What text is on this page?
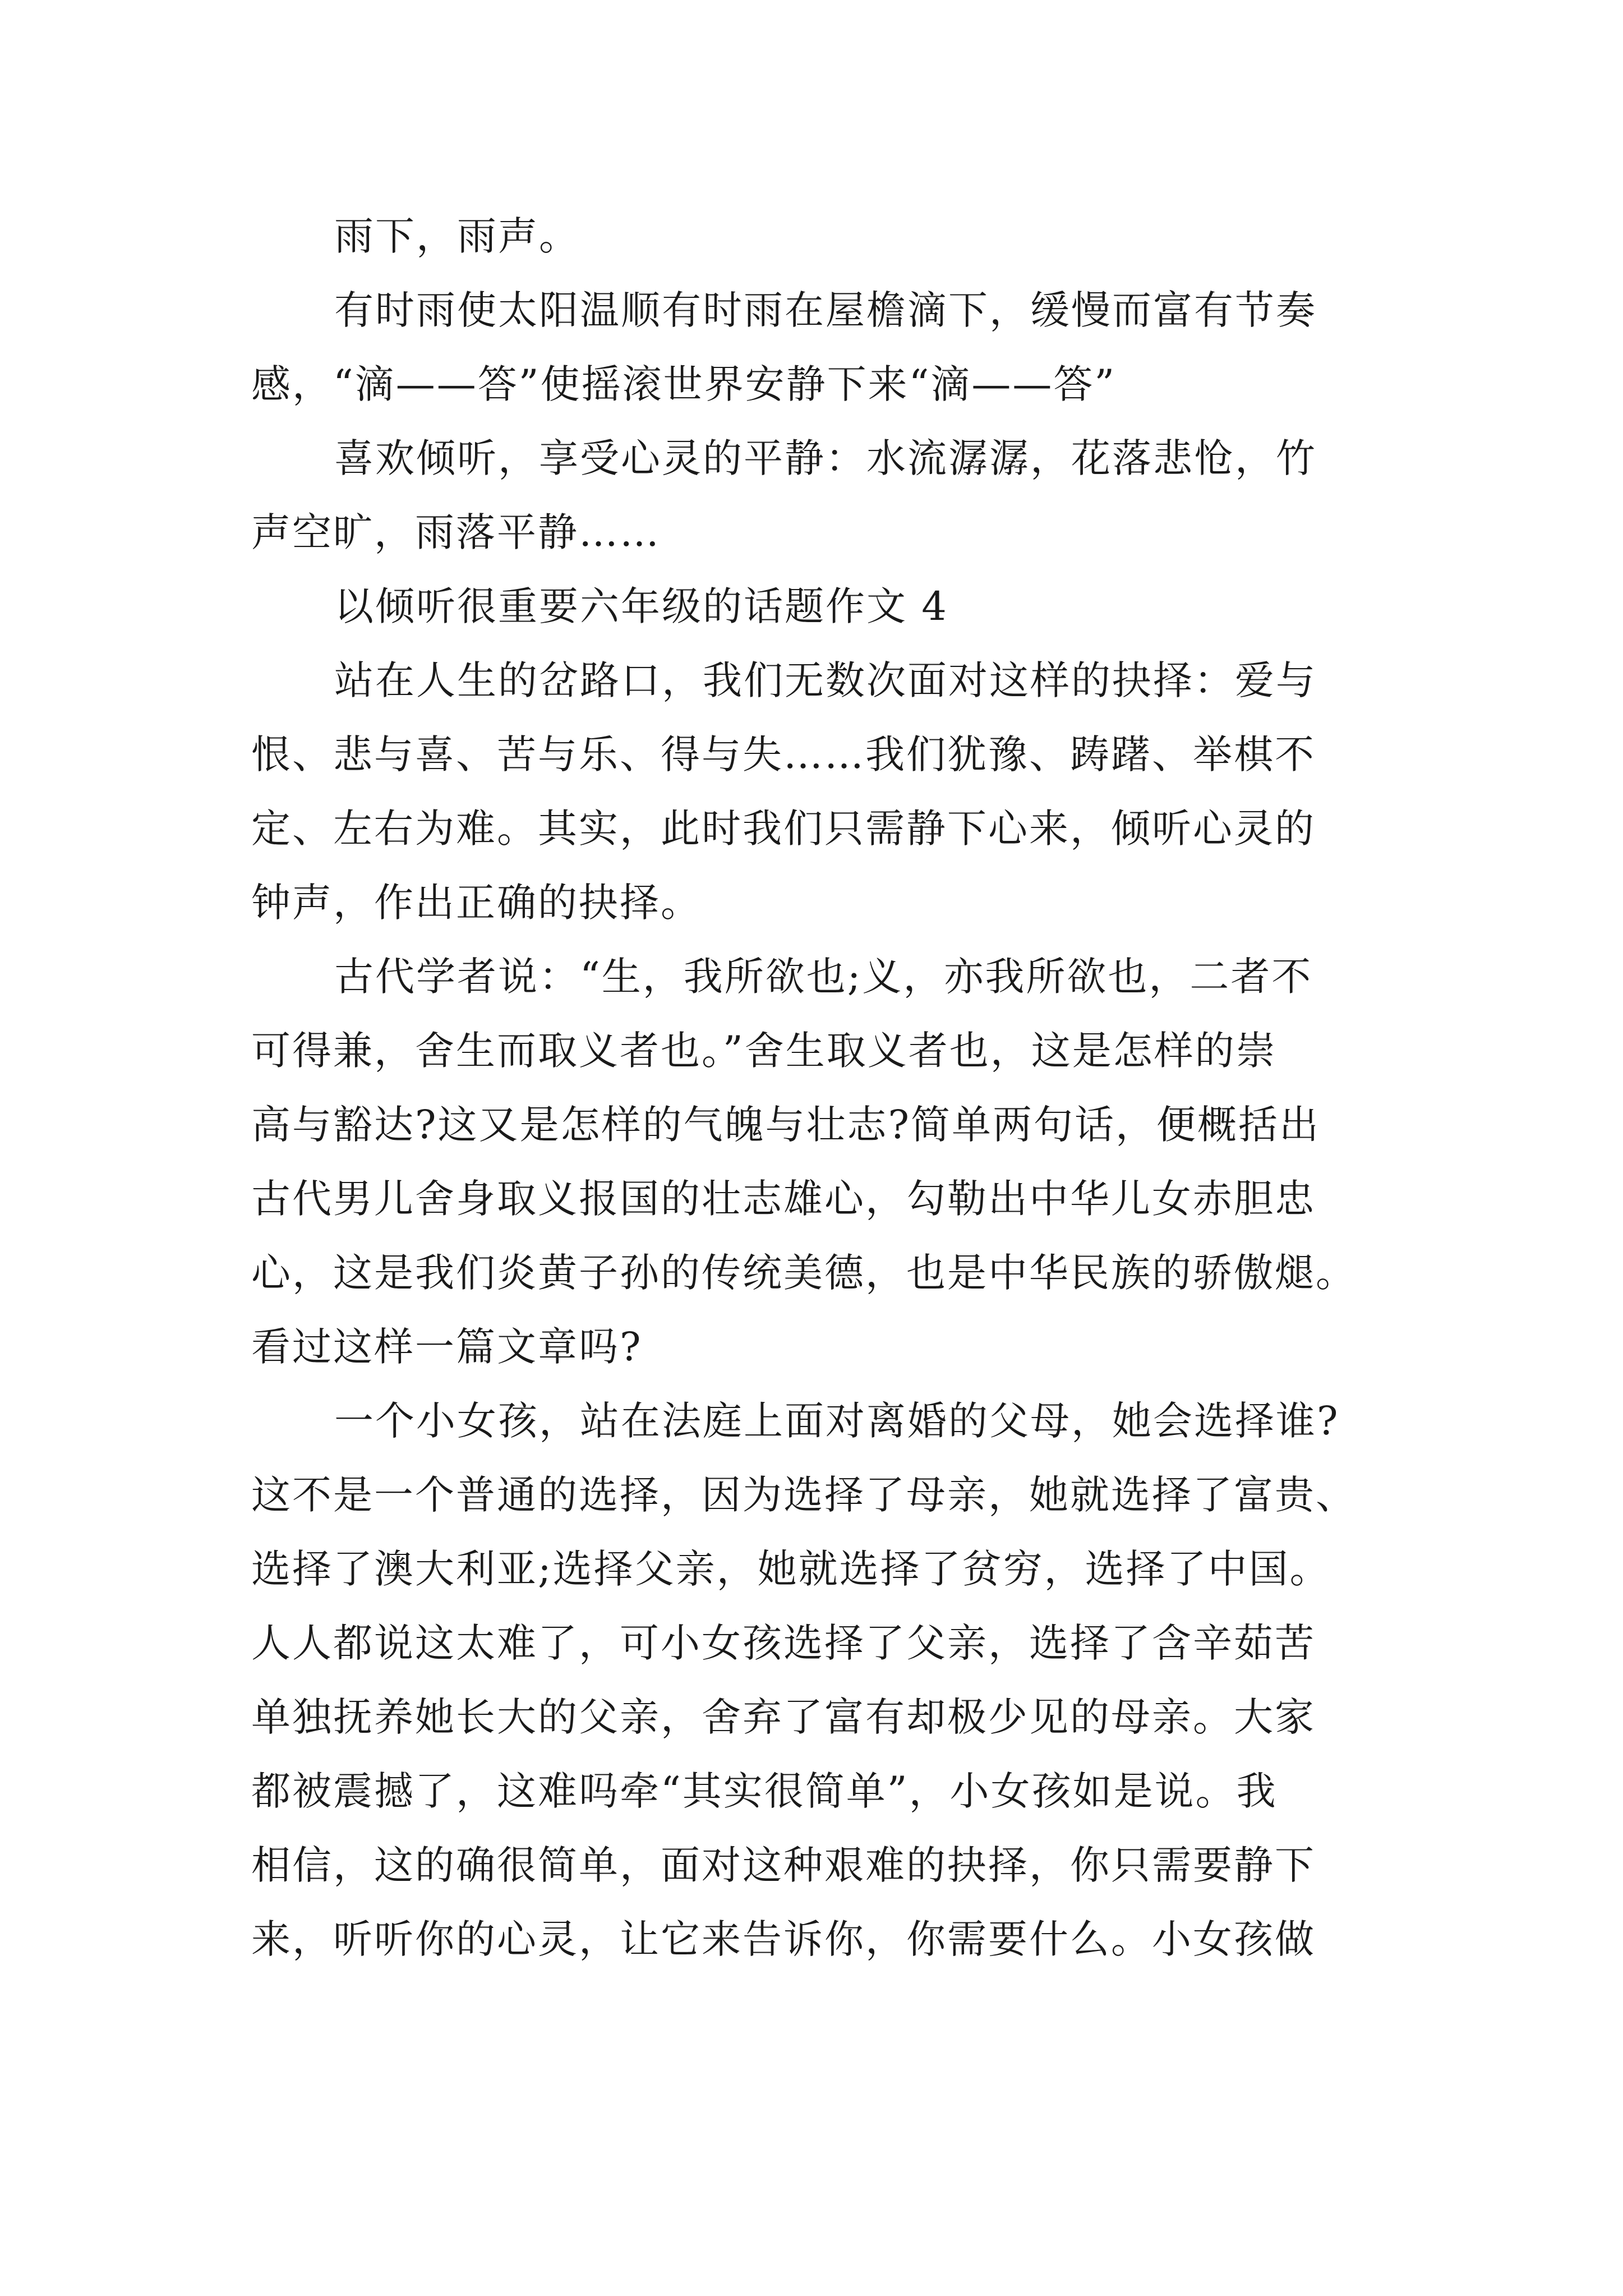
雨下，雨声。
有时雨使太阳温顺有时雨在屋檐滴下，缓慢而富有节奏
感，“滴——答”使摇滚世界安静下来“滴——答”
喜欢倾听，享受心灵的平静：水流潺潺，花落悲怆，竹
声空旷，雨落平静……
以倾听很重要六年级的话题作文 4
站在人生的岔路口，我们无数次面对这样的抉择：爱与
恨、悲与喜、苦与乐、得与失……我们犹豫、踌躇、举棋不
定、左右为难。其实，此时我们只需静下心来，倾听心灵的
钟声，作出正确的抉择。
古代学者说：“生，我所欲也;义，亦我所欲也，二者不
可得兼，舍生而取义者也。”舍生取义者也，这是怎样的崇
高与豁达?这又是怎样的气魄与壮志?简单两句话，便概括出
古代男儿舍身取义报国的壮志雄心，勾勒出中华儿女赤胆忠
心，这是我们炎黄子孙的传统美德，也是中华民族的骄傲煺。
看过这样一篇文章吗?
一个小女孩，站在法庭上面对离婚的父母，她会选择谁?
这不是一个普通的选择，因为选择了母亲，她就选择了富贵、
选择了澳大利亚;选择父亲，她就选择了贫穷，选择了中国。
人人都说这太难了，可小女孩选择了父亲，选择了含辛茹苦
单独抚养她长大的父亲，舍弃了富有却极少见的母亲。大家
都被震撼了，这难吗牵“其实很简单”，小女孩如是说。我
相信，这的确很简单，面对这种艰难的抉择，你只需要静下
来，听听你的心灵，让它来告诉你，你需要什么。小女孩做
